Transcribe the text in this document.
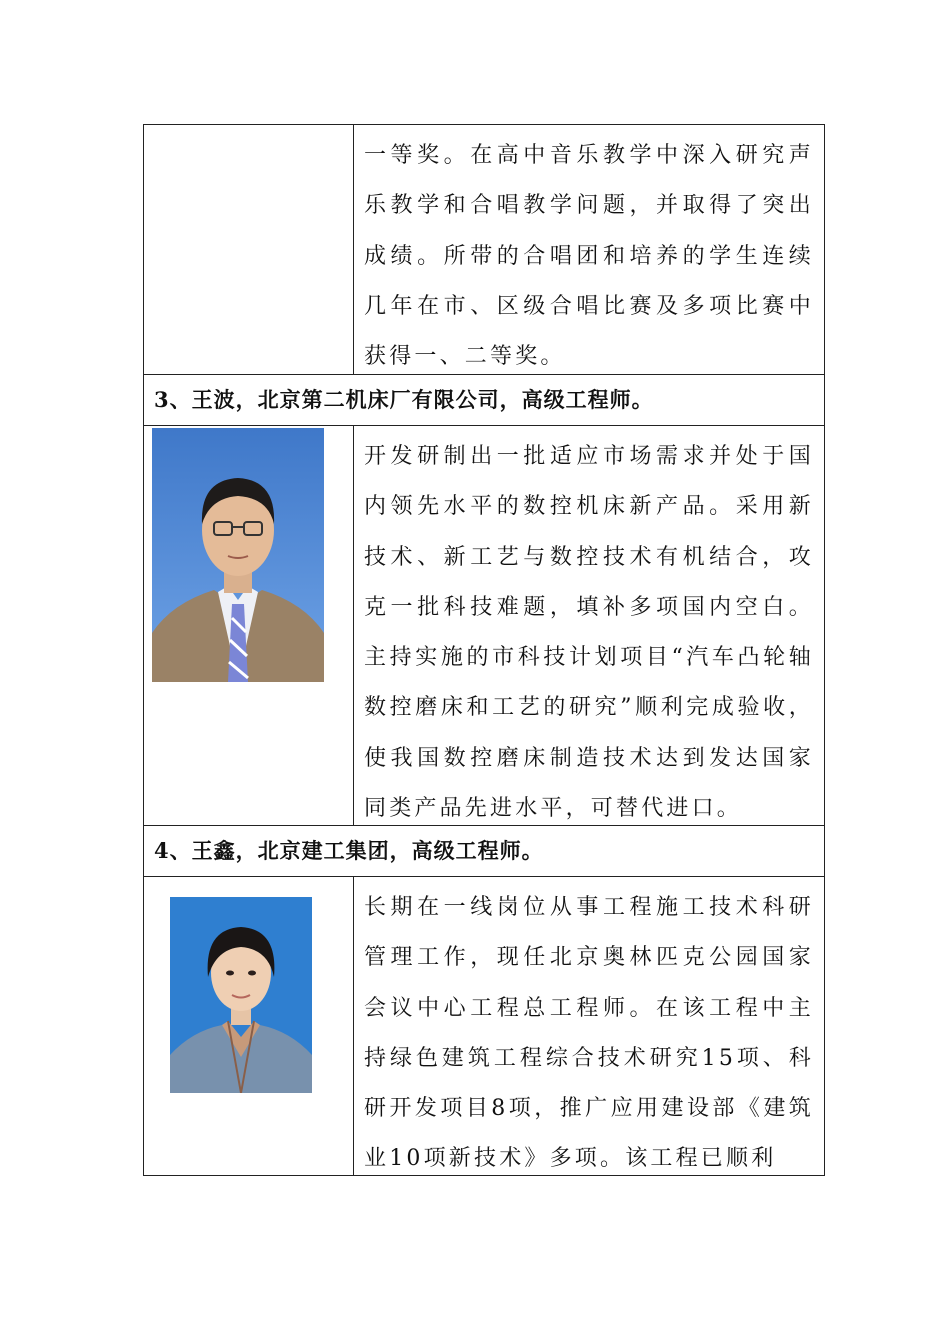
一等奖。在高中音乐教学中深入研究声乐教学和合唱教学问题，并取得了突出成绩。所带的合唱团和培养的学生连续几年在市、区级合唱比赛及多项比赛中获得一、二等奖。

3、王波，北京第二机床厂有限公司，高级工程师。

开发研制出一批适应市场需求并处于国内领先水平的数控机床新产品。采用新技术、新工艺与数控技术有机结合，攻克一批科技难题，填补多项国内空白。主持实施的市科技计划项目“汽车凸轮轴数控磨床和工艺的研究”顺利完成验收，使我国数控磨床制造技术达到发达国家同类产品先进水平，可替代进口。

4、王鑫，北京建工集团，高级工程师。

长期在一线岗位从事工程施工技术科研管理工作，现任北京奥林匹克公园国家会议中心工程总工程师。在该工程中主持绿色建筑工程综合技术研究15项、科研开发项目8项，推广应用建设部《建筑业10项新技术》多项。该工程已顺利
